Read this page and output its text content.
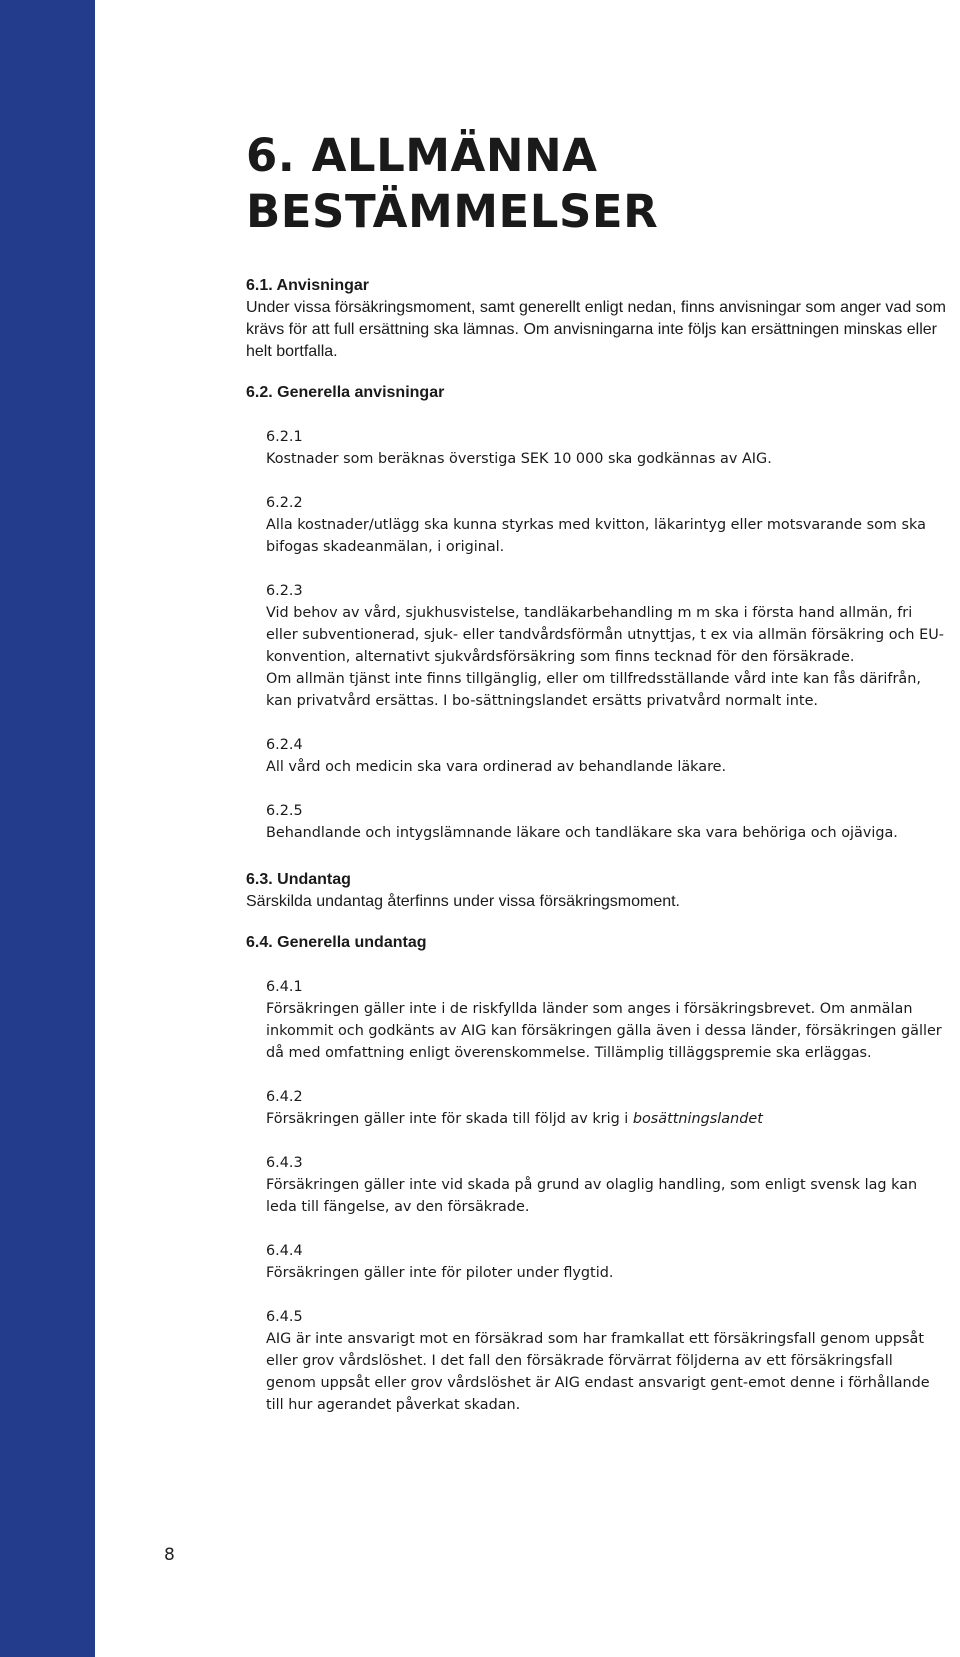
6. ALLMÄNNA
BESTÄMMELSER

6.1. Anvisningar

Under vissa försäkringsmoment, samt generellt enligt nedan, finns anvisningar som anger vad som krävs för att full ersättning ska lämnas. Om anvisningarna inte följs kan ersättningen minskas eller helt bortfalla.

6.2. Generella anvisningar

6.2.1

Kostnader som beräknas överstiga SEK 10 000 ska godkännas av AIG.

6.2.2

Alla kostnader/utlägg ska kunna styrkas med kvitton, läkarintyg eller motsvarande som ska bifogas skadeanmälan, i original.

6.2.3

Vid behov av vård, sjukhusvistelse, tandläkarbehandling m m ska i första hand allmän, fri eller subventionerad, sjuk- eller tandvårdsförmån utnyttjas, t ex via allmän försäkring och EU-konvention, alternativt sjukvårdsförsäkring som finns tecknad för den försäkrade.

Om allmän tjänst inte finns tillgänglig, eller om tillfredsställande vård inte kan fås därifrån, kan privatvård ersättas. I bo-sättningslandet ersätts privatvård normalt inte.

6.2.4

All vård och medicin ska vara ordinerad av behandlande läkare.

6.2.5

Behandlande och intygslämnande läkare och tandläkare ska vara behöriga och ojäviga.

6.3. Undantag

Särskilda undantag återfinns under vissa försäkringsmoment.

6.4. Generella undantag

6.4.1

Försäkringen gäller inte i de riskfyllda länder som anges i försäkringsbrevet. Om anmälan inkommit och godkänts av AIG kan försäkringen gälla även i dessa länder, försäkringen gäller då med omfattning enligt överenskommelse. Tillämplig tilläggspremie ska erläggas.

6.4.2

Försäkringen gäller inte för skada till följd av krig i bosättningslandet

6.4.3

Försäkringen gäller inte vid skada på grund av olaglig handling, som enligt svensk lag kan leda till fängelse, av den försäkrade.

6.4.4

Försäkringen gäller inte för piloter under flygtid.

6.4.5

AIG är inte ansvarigt mot en försäkrad som har framkallat ett försäkringsfall genom uppsåt eller grov vårdslöshet. I det fall den försäkrade förvärrat följderna av ett försäkringsfall genom uppsåt eller grov vårdslöshet är AIG endast ansvarigt gent-emot denne i förhållande till hur agerandet påverkat skadan.

8
